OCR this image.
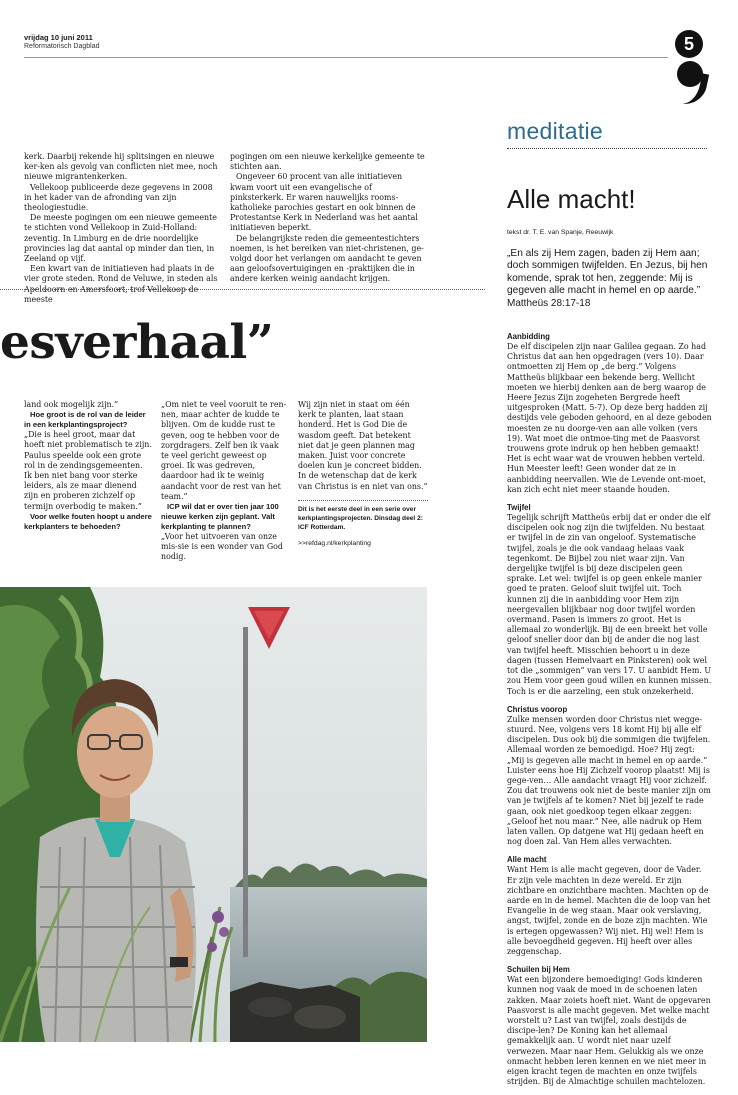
vrijdag 10 juni 2011
Reformatorisch Dagblad	5

kerk. Daarbij rekende hij splitsingen en nieuwe ker-ken als gevolg van conflicten niet mee, noch nieuwe migrantenkerken.

Vellekoop publiceerde deze gegevens in 2008 in het kader van de afronding van zijn theologiestudie.

De meeste pogingen om een nieuwe gemeente te stichten vond Vellekoop in Zuid-Holland: zeventig. In Limburg en de drie noordelijke provincies lag dat aantal op minder dan tien, in Zeeland op vijf.

Een kwart van de initiatieven had plaats in de vier grote steden. Rond de Veluwe, in steden als Apeldoorn en Amersfoort, trof Vellekoop de meeste

pogingen om een nieuwe kerkelijke gemeente te stichten aan.

Ongeveer 60 procent van alle initiatieven kwam voort uit een evangelische of pinksterkerk. Er waren nauwelijks rooms-katholieke parochies gestart en ook binnen de Protestantse Kerk in Nederland was het aantal initiatieven beperkt.

De belangrijkste reden die gemeentestichters noemen, is het bereiken van niet-christenen, ge-volgd door het verlangen om aandacht te geven aan geloofsovertuigingen en -praktijken die in andere kerken weinig aandacht krijgen.

esverhaal”

land ook mogelijk zijn.”

Hoe groot is de rol van de leider in een kerkplantingsproject?

„Die is heel groot, maar dat hoeft niet problematisch te zijn. Paulus speelde ook een grote rol in de zendingsgemeenten. Ik ben niet bang voor sterke leiders, als ze maar dienend zijn en proberen zichzelf op termijn overbodig te maken.”

Voor welke fouten hoopt u andere kerkplanters te behoeden?

„Om niet te veel vooruit te ren-nen, maar achter de kudde te blijven. Om de kudde rust te geven, oog te hebben voor de zorgdragers. Zelf ben ik vaak te veel gericht geweest op groei. Ik was gedreven, daardoor had ik te weinig aandacht voor de rest van het team.”

ICP wil dat er over tien jaar 100 nieuwe kerken zijn geplant. Valt kerkplanting te plannen?

„Voor het uitvoeren van onze mis-sie is een wonder van God nodig.

Wij zijn niet in staat om één kerk te planten, laat staan honderd. Het is God Die de wasdom geeft. Dat betekent niet dat je geen plannen mag maken. Juist voor concrete doelen kun je concreet bidden. In de wetenschap dat de kerk van Christus is en niet van ons.”

Dit is het eerste deel in een serie over kerkplantingsprojecten. Dinsdag deel 2: ICF Rotterdam.
>>refdag.nl/kerkplanting
meditatie
Alle macht!
tekst dr. T. E. van Spanje, Reeuwijk
„En als zij Hem zagen, baden zij Hem aan; doch sommigen twijfelden. En Jezus, bij hen komende, sprak tot hen, zeggende: Mij is gegeven alle macht in hemel en op aarde.”
Mattheüs 28:17-18
Aanbidding

De elf discipelen zijn naar Galilea gegaan. Zo had Christus dat aan hen opgedragen (vers 10). Daar ontmoetten zij Hem op „de berg.” Volgens Mattheüs blijkbaar een bekende berg. Wellicht moeten we hierbij denken aan de berg waarop de Heere Jezus Zijn zogeheten Bergrede heeft uitgesproken (Matt. 5-7). Op deze berg hadden zij destijds vele geboden gehoord, en al deze geboden moesten ze nu doorge-ven aan alle volken (vers 19). Wat moet die ontmoe-ting met de Paasvorst trouwens grote indruk op hen hebben gemaakt! Het is echt waar wat de vrouwen hebben verteld. Hun Meester leeft! Geen wonder dat ze in aanbidding neervallen. Wie de Levende ont-moet, kan zich echt niet meer staande houden.

Twijfel

Tegelijk schrijft Mattheüs erbij dat er onder die elf discipelen ook nog zijn die twijfelden. Nu bestaat er twijfel in de zin van ongeloof. Systematische twijfel, zoals je die ook vandaag helaas vaak tegenkomt. De Bijbel zou niet waar zijn. Van dergelijke twijfel is bij deze discipelen geen sprake. Let wel: twijfel is op geen enkele manier goed te praten. Geloof sluit twijfel uit. Toch kunnen zij die in aanbidding voor Hem zijn neergevallen blijkbaar nog door twijfel worden overmand. Pasen is immers zo groot. Het is allemaal zo wonderlijk. Bij de een breekt het volle geloof sneller door dan bij de ander die nog last van twijfel heeft. Misschien behoort u in deze dagen (tussen Hemelvaart en Pinksteren) ook wel tot die „sommigen” van vers 17. U aanbidt Hem. U zou Hem voor geen goud willen en kunnen missen. Toch is er die aarzeling, een stuk onzekerheid.

Christus voorop

Zulke mensen worden door Christus niet wegge-stuurd. Nee, volgens vers 18 komt Hij bij alle elf discipelen. Dus ook bij die sommigen die twijfelen. Allemaal worden ze bemoedigd. Hoe? Hij zegt: „Mij is gegeven alle macht in hemel en op aarde.” Luister eens hoe Hij Zichzelf voorop plaatst! Mij is gege-ven… Alle aandacht vraagt Hij voor zichzelf. Zou dat trouwens ook niet de beste manier zijn om van je twijfels af te komen? Niet bij jezelf te rade gaan, ook niet goedkoop tegen elkaar zeggen: „Geloof het nou maar.” Nee, alle nadruk op Hem laten vallen. Op datgene wat Hij gedaan heeft en nog doen zal. Van Hem alles verwachten.

Alle macht

Want Hem is alle macht gegeven, door de Vader. Er zijn vele machten in deze wereld. Er zijn zichtbare en onzichtbare machten. Machten op de aarde en in de hemel. Machten die de loop van het Evangelie in de weg staan. Maar ook verslaving, angst, twijfel, zonde en de boze zijn machten. Wie is ertegen opgewassen? Wij niet. Hij wel! Hem is alle bevoegdheid gegeven. Hij heeft over alles zeggenschap.

Schuilen bij Hem

Wat een bijzondere bemoediging! Gods kinderen kunnen nog vaak de moed in de schoenen laten zakken. Maar zoiets hoeft niet. Want de opgevaren Paasvorst is alle macht gegeven. Met welke macht worstelt u? Last van twijfel, zoals destijds de discipe-len? De Koning kan het allemaal gemakkelijk aan. U wordt niet naar uzelf verwezen. Maar naar Hem. Gelukkig als we onze onmacht hebben leren kennen en we niet meer in eigen kracht tegen de machten en onze twijfels strijden. Bij de Almachtige schuilen machtelozen.
